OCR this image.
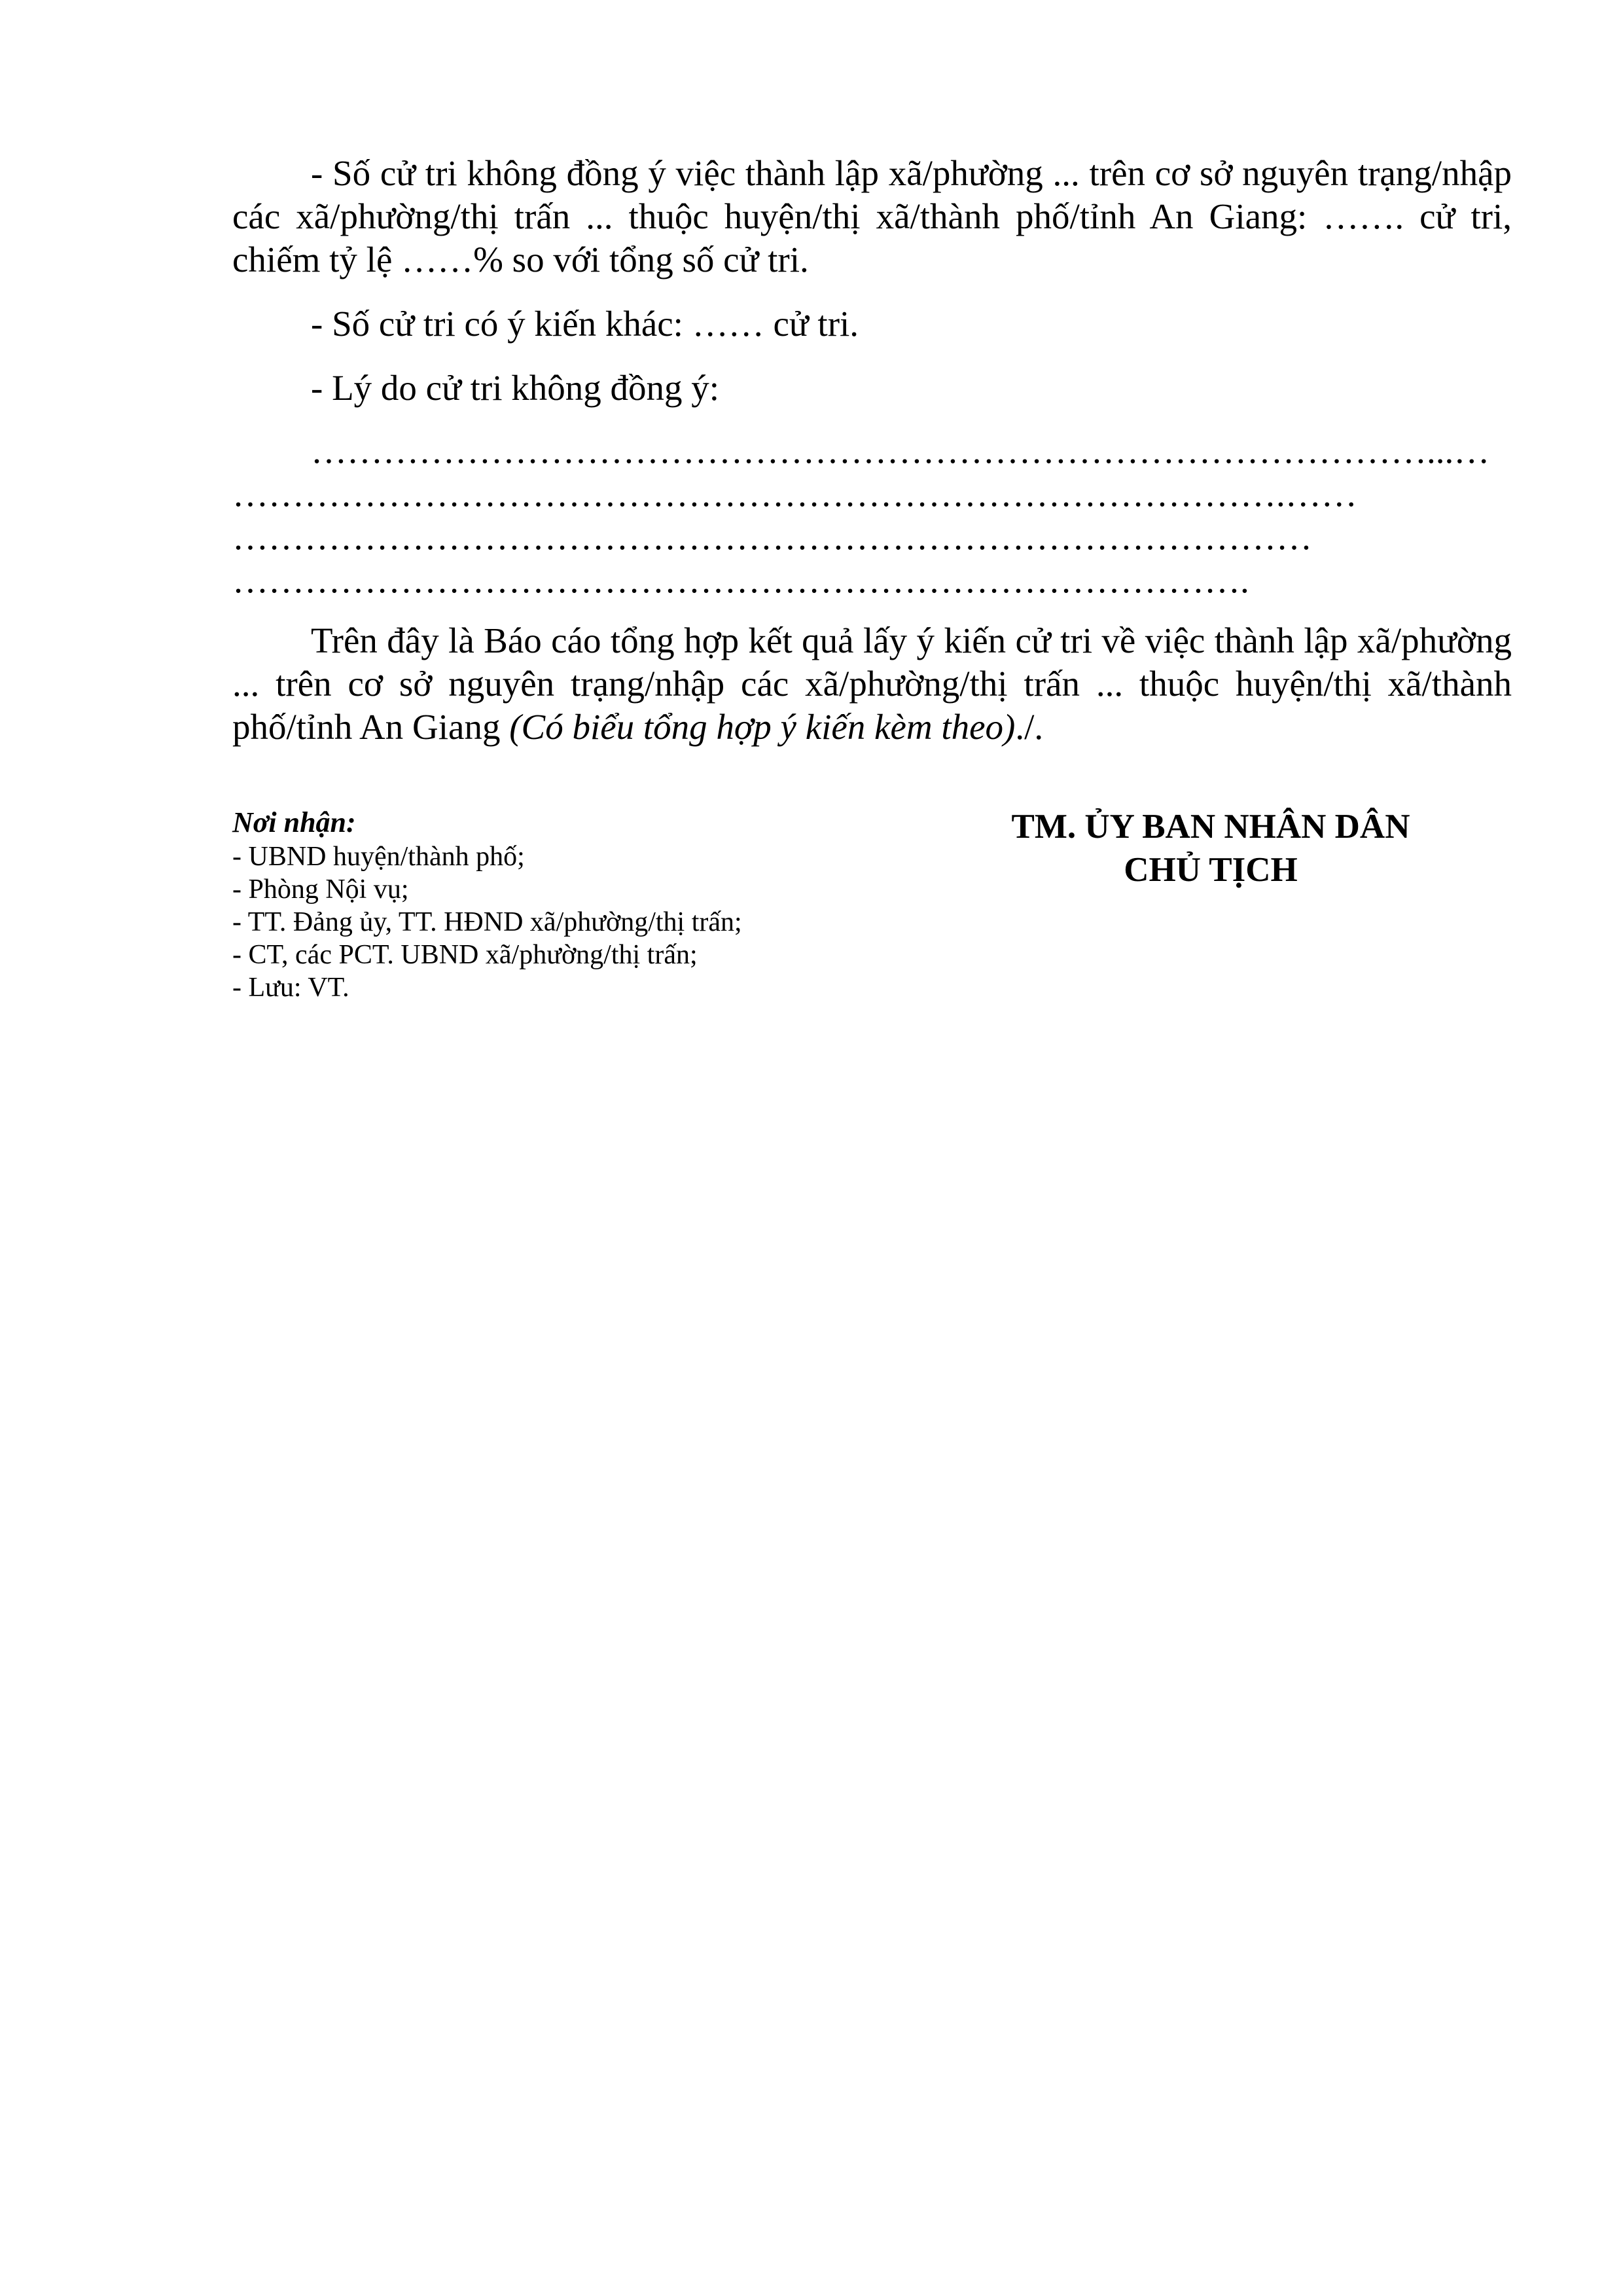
- Số cử tri không đồng ý việc thành lập xã/phường ... trên cơ sở nguyên trạng/nhập các xã/phường/thị trấn ... thuộc huyện/thị xã/thành phố/tỉnh An Giang: ……. cử tri, chiếm tỷ lệ ……% so với tổng số cử tri.

- Số cử tri có ý kiến khác: …… cử tri.

- Lý do cử tri không đồng ý:

…………………………………………………………………………………...…
…………………………………………………………………………….……
………………………………………………………………………………
………………………………………………………………………….

Trên đây là Báo cáo tổng hợp kết quả lấy ý kiến cử tri về việc thành lập xã/phường ... trên cơ sở nguyên trạng/nhập các xã/phường/thị trấn ... thuộc huyện/thị xã/thành phố/tỉnh An Giang (Có biểu tổng hợp ý kiến kèm theo)./.

Nơi nhận:
- UBND huyện/thành phố;
- Phòng Nội vụ;
- TT. Đảng ủy, TT. HĐND xã/phường/thị trấn;
- CT, các PCT. UBND xã/phường/thị trấn;
- Lưu: VT.
TM. ỦY BAN NHÂN DÂN
CHỦ TỊCH
